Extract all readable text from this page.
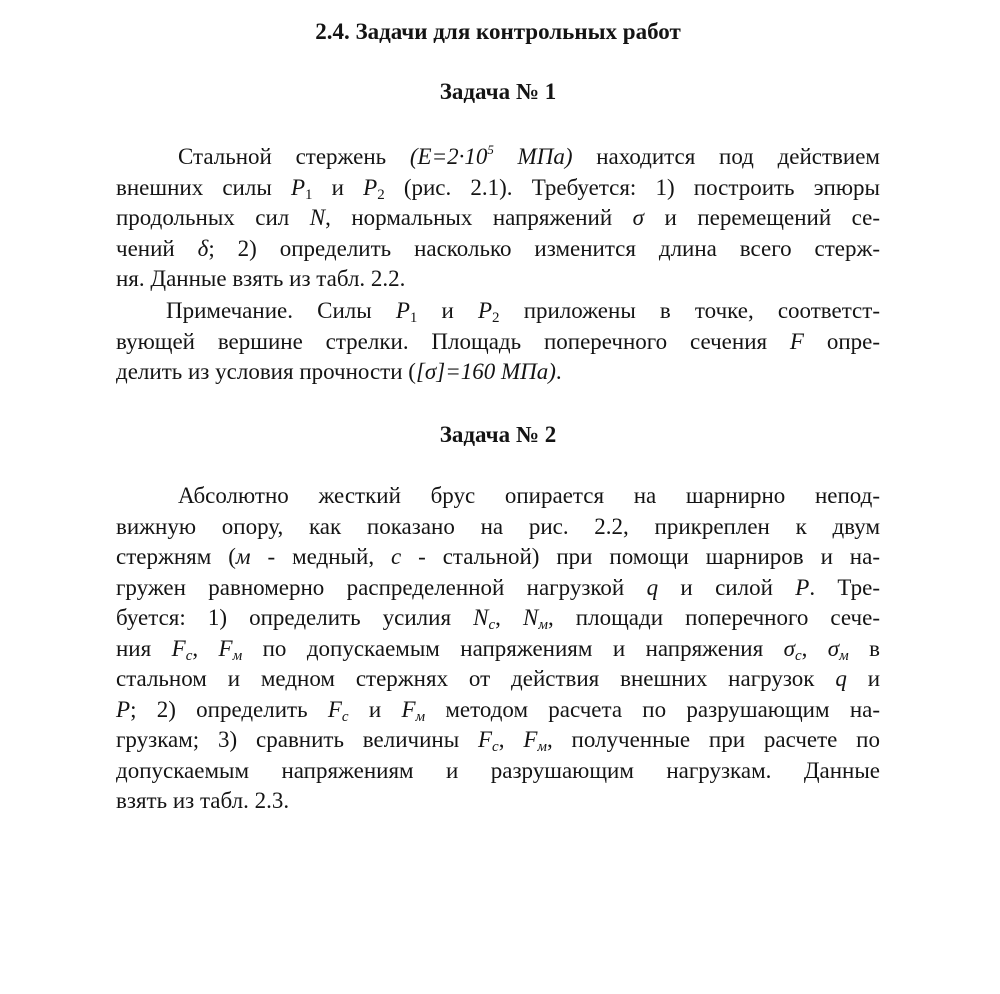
2.4. Задачи для контрольных работ
Задача № 1
Стальной стержень ($E=2\cdot 10^5$ МПа) находится под действием
внешних силы $P_1$ и $P_2$ (рис. 2.1). Требуется: 1) построить эпюры
продольных сил N, нормальных напряжений σ и перемещений се-
чений δ; 2) определить насколько изменится длина всего стерж-
ня. Данные взять из табл. 2.2.
Примечание. Силы $P_1$ и $P_2$ приложены в точке, соответст-
вующей вершине стрелки. Площадь поперечного сечения F опре-
делить из условия прочности ([σ]=160 МПа).
Задача № 2
Абсолютно жесткий брус опирается на шарнирно непод-
вижную опору, как показано на рис. 2.2, прикреплен к двум
стержням (м - медный, с - стальной) при помощи шарниров и на-
гружен равномерно распределенной нагрузкой q и силой P. Тре-
буется: 1) определить усилия $N_с$, $N_м$, площади поперечного сече-
ния $F_с$, $F_м$ по допускаемым напряжениям и напряжения $\sigma_с$, $\sigma_м$ в
стальном и медном стержнях от действия внешних нагрузок q и
P; 2) определить $F_с$ и $F_м$ методом расчета по разрушающим на-
грузкам; 3) сравнить величины $F_с$, $F_м$, полученные при расчете по
допускаемым напряжениям и разрушающим нагрузкам. Данные
взять из табл. 2.3.
